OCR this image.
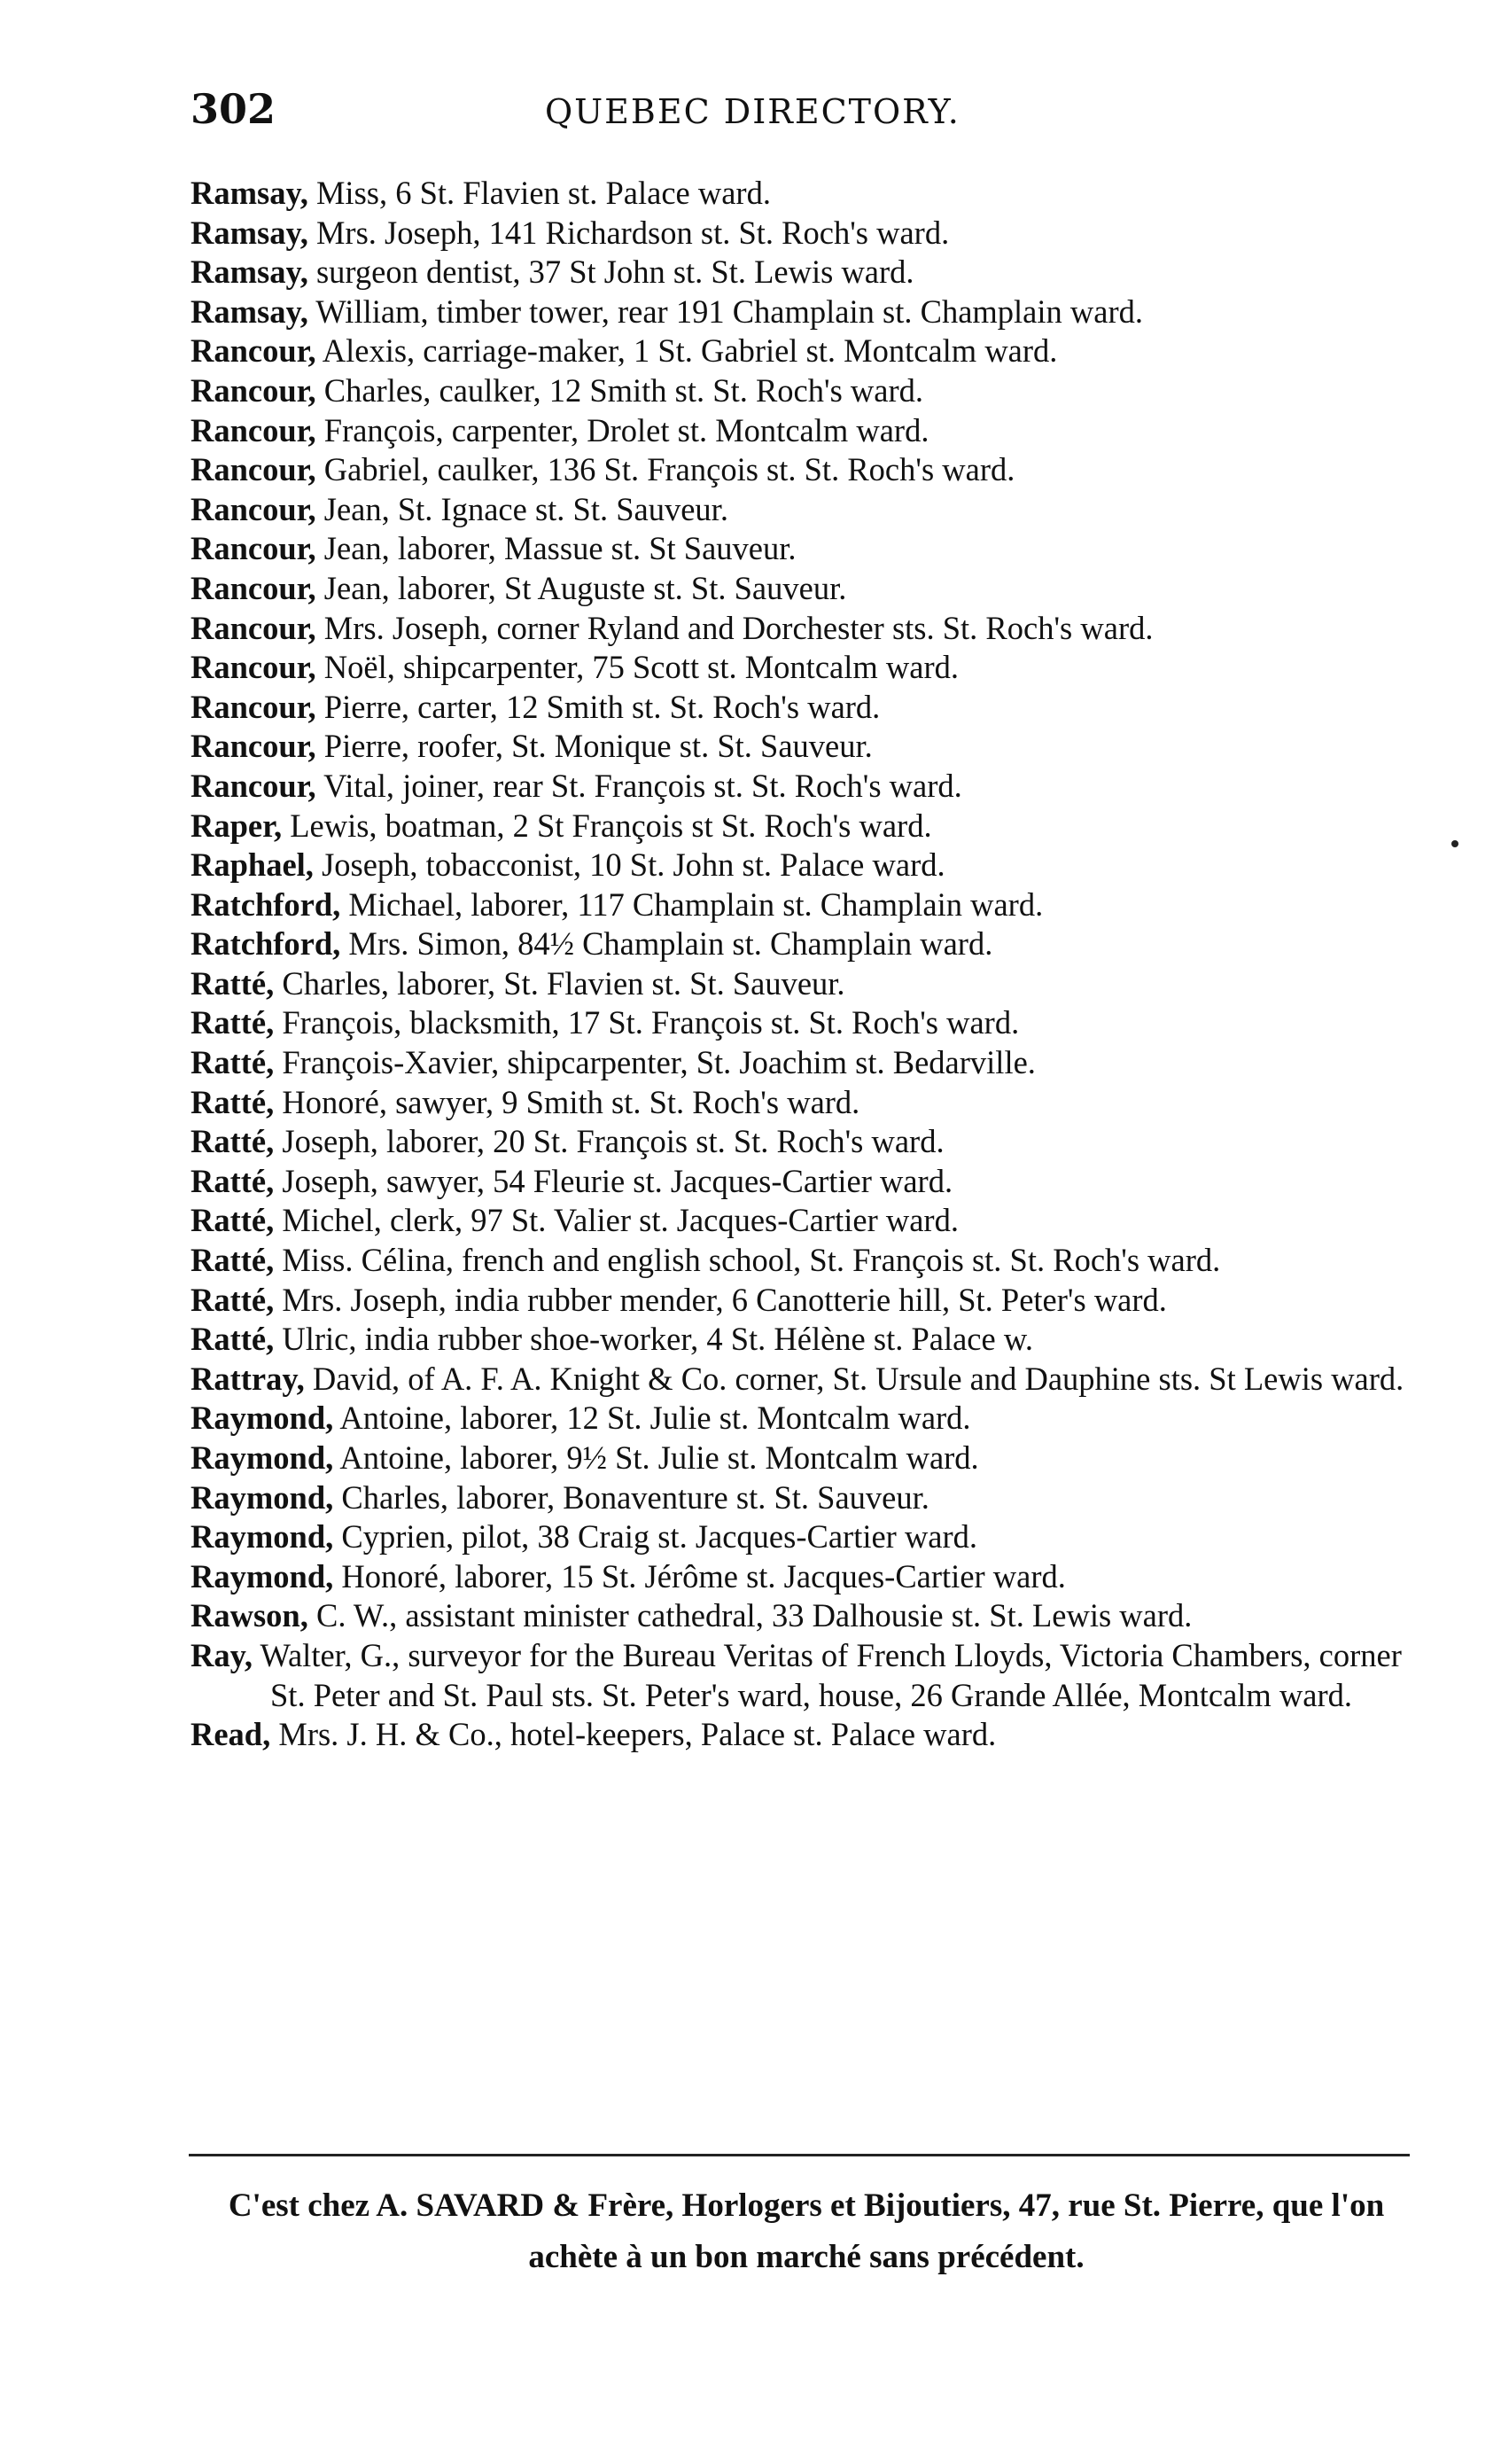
302	QUEBEC DIRECTORY.

Ramsay, Miss, 6 St. Flavien st. Palace ward.

Ramsay, Mrs. Joseph, 141 Richardson st. St. Roch's ward.

Ramsay, surgeon dentist, 37 St John st. St. Lewis ward.

Ramsay, William, timber tower, rear 191 Champlain st. Champlain ward.

Rancour, Alexis, carriage-maker, 1 St. Gabriel st. Montcalm ward.

Rancour, Charles, caulker, 12 Smith st. St. Roch's ward.

Rancour, François, carpenter, Drolet st. Montcalm ward.

Rancour, Gabriel, caulker, 136 St. François st. St. Roch's ward.

Rancour, Jean, St. Ignace st. St. Sauveur.

Rancour, Jean, laborer, Massue st. St Sauveur.

Rancour, Jean, laborer, St Auguste st. St. Sauveur.

Rancour, Mrs. Joseph, corner Ryland and Dorchester sts. St. Roch's ward.

Rancour, Noël, shipcarpenter, 75 Scott st. Montcalm ward.

Rancour, Pierre, carter, 12 Smith st. St. Roch's ward.

Rancour, Pierre, roofer, St. Monique st. St. Sauveur.

Rancour, Vital, joiner, rear St. François st. St. Roch's ward.

Raper, Lewis, boatman, 2 St François st St. Roch's ward.

Raphael, Joseph, tobacconist, 10 St. John st. Palace ward.

Ratchford, Michael, laborer, 117 Champlain st. Champlain ward.

Ratchford, Mrs. Simon, 84½ Champlain st. Champlain ward.

Ratté, Charles, laborer, St. Flavien st. St. Sauveur.

Ratté, François, blacksmith, 17 St. François st. St. Roch's ward.

Ratté, François-Xavier, shipcarpenter, St. Joachim st. Bedarville.

Ratté, Honoré, sawyer, 9 Smith st. St. Roch's ward.

Ratté, Joseph, laborer, 20 St. François st. St. Roch's ward.

Ratté, Joseph, sawyer, 54 Fleurie st. Jacques-Cartier ward.

Ratté, Michel, clerk, 97 St. Valier st. Jacques-Cartier ward.

Ratté, Miss. Célina, french and english school, St. François st. St. Roch's ward.

Ratté, Mrs. Joseph, india rubber mender, 6 Canotterie hill, St. Peter's ward.

Ratté, Ulric, india rubber shoe-worker, 4 St. Hélène st. Palace w.

Rattray, David, of A. F. A. Knight & Co. corner, St. Ursule and Dauphine sts. St Lewis ward.

Raymond, Antoine, laborer, 12 St. Julie st. Montcalm ward.

Raymond, Antoine, laborer, 9½ St. Julie st. Montcalm ward.

Raymond, Charles, laborer, Bonaventure st. St. Sauveur.

Raymond, Cyprien, pilot, 38 Craig st. Jacques-Cartier ward.

Raymond, Honoré, laborer, 15 St. Jérôme st. Jacques-Cartier ward.

Rawson, C. W., assistant minister cathedral, 33 Dalhousie st. St. Lewis ward.

Ray, Walter, G., surveyor for the Bureau Veritas of French Lloyds, Victoria Chambers, corner St. Peter and St. Paul sts. St. Peter's ward, house, 26 Grande Allée, Montcalm ward.

Read, Mrs. J. H. & Co., hotel-keepers, Palace st. Palace ward.

C'est chez A. SAVARD & Frère, Horlogers et Bijoutiers, 47, rue St. Pierre, que l'on achète à un bon marché sans précédent.
